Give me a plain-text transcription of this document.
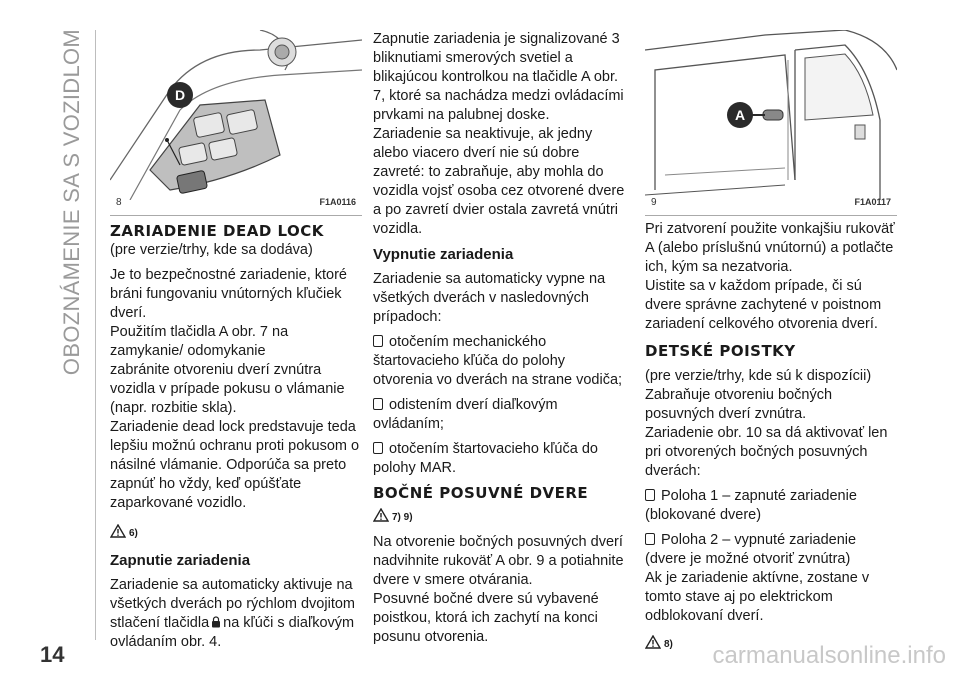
OBOZNÁMENIE SA S VOZIDLOM
14
D
8	F1A0116
ZARIADENIE DEAD LOCK

(pre verzie/trhy, kde sa dodáva)

Je to bezpečnostné zariadenie, ktoré bráni fungovaniu vnútorných kľučiek dverí.
Použitím tlačidla A obr. 7 na zamykanie/ odomykanie
zabránite otvoreniu dverí zvnútra vozidla v prípade pokusu o vlámanie (napr. rozbitie skla).

Zariadenie dead lock predstavuje teda lepšiu možnú ochranu proti pokusom o násilné vlámanie. Odporúča sa preto zapnúť ho vždy, keď opúšťate zaparkované vozidlo.

6)

Zapnutie zariadenia
Zariadenie sa automaticky aktivuje na všetkých dverách po rýchlom dvojitom stlačení tlačidla na kľúči s diaľkovým ovládaním obr. 4.

Zapnutie zariadenia je signalizované 3 bliknutiami smerových svetiel a blikajúcou kontrolkou na tlačidle A obr. 7, ktoré sa nachádza medzi ovládacími prvkami na palubnej doske.

Zariadenie sa neaktivuje, ak jedny alebo viacero dverí nie sú dobre zavreté: to zabraňuje, aby mohla do vozidla vojsť osoba cez otvorené dvere a po zavretí dvier ostala zavretá vnútri vozidla.

Vypnutie zariadenia

Zariadenie sa automaticky vypne na všetkých dverách v nasledovných prípadoch:

otočením mechanického štartovacieho kľúča do polohy otvorenia vo dverách na strane vodiča;

odistením dverí diaľkovým ovládaním;

otočením štartovacieho kľúča do polohy MAR.

BOČNÉ POSUVNÉ DVERE

7) 9)

Na otvorenie bočných posuvných dverí nadvihnite rukoväť A obr. 9 a potiahnite dvere v smere otvárania.
Posuvné bočné dvere sú vybavené poistkou, ktorá ich zachytí na konci posunu otvorenia.
A
9	F1A0117
Pri zatvorení použite vonkajšiu rukoväť A (alebo príslušnú vnútornú) a potlačte ich, kým sa nezatvoria.

Uistite sa v každom prípade, či sú dvere správne zachytené v poistnom zariadení celkového otvorenia dverí.

DETSKÉ POISTKY

(pre verzie/trhy, kde sú k dispozícii)

Zabraňuje otvoreniu bočných posuvných dverí zvnútra.

Zariadenie obr. 10 sa dá aktivovať len pri otvorených bočných posuvných dverách:

Poloha 1 – zapnuté zariadenie (blokované dvere)

Poloha 2 – vypnuté zariadenie (dvere je možné otvoriť zvnútra)

Ak je zariadenie aktívne, zostane v tomto stave aj po elektrickom odblokovaní dverí.

8)	carmanualsonline.info
